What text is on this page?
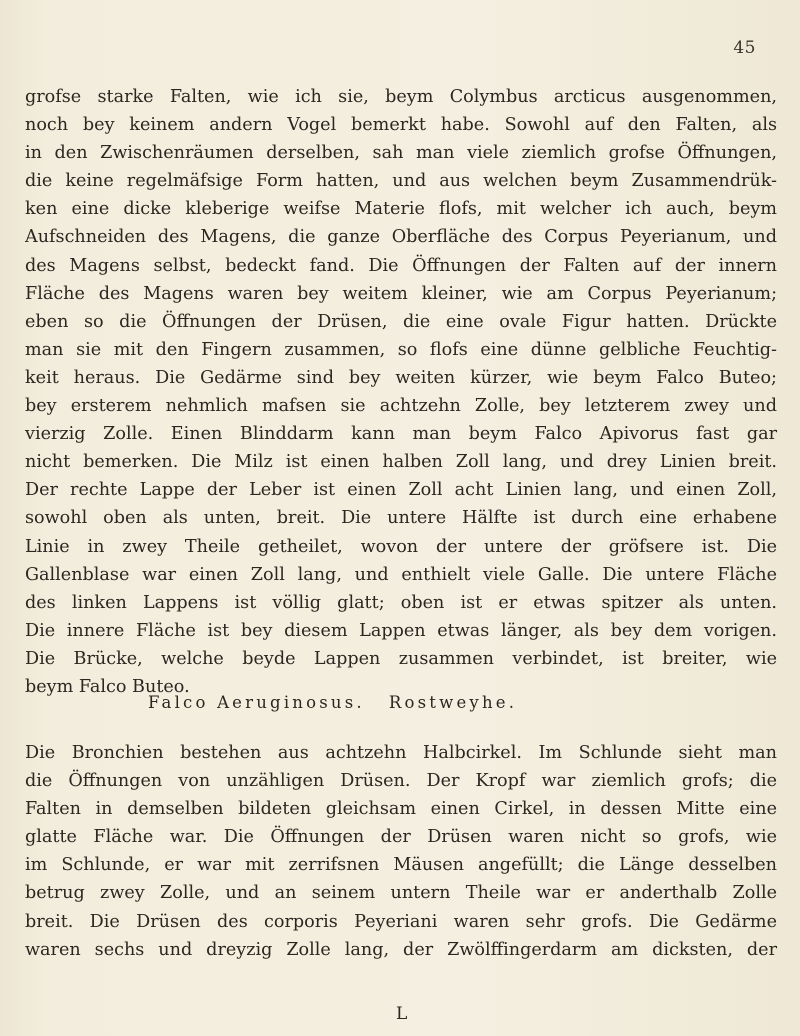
45
grofse starke Falten, wie ich sie, beym Colymbus arcticus ausgenommen,
noch bey keinem andern Vogel bemerkt habe. Sowohl auf den Falten, als
in den Zwischenräumen derselben, sah man viele ziemlich grofse Öffnungen,
die keine regelmäfsige Form hatten, und aus welchen beym Zusammendrük-
ken eine dicke kleberige weifse Materie flofs, mit welcher ich auch, beym
Aufschneiden des Magens, die ganze Oberfläche des Corpus Peyerianum, und
des Magens selbst, bedeckt fand. Die Öffnungen der Falten auf der innern
Fläche des Magens waren bey weitem kleiner, wie am Corpus Peyerianum;
eben so die Öffnungen der Drüsen, die eine ovale Figur hatten. Drückte
man sie mit den Fingern zusammen, so flofs eine dünne gelbliche Feuchtig-
keit heraus. Die Gedärme sind bey weiten kürzer, wie beym Falco Buteo;
bey ersterem nehmlich mafsen sie achtzehn Zolle, bey letzterem zwey und
vierzig Zolle. Einen Blinddarm kann man beym Falco Apivorus fast gar
nicht bemerken. Die Milz ist einen halben Zoll lang, und drey Linien breit.
Der rechte Lappe der Leber ist einen Zoll acht Linien lang, und einen Zoll,
sowohl oben als unten, breit. Die untere Hälfte ist durch eine erhabene
Linie in zwey Theile getheilet, wovon der untere der gröfsere ist. Die
Gallenblase war einen Zoll lang, und enthielt viele Galle. Die untere Fläche
des linken Lappens ist völlig glatt; oben ist er etwas spitzer als unten.
Die innere Fläche ist bey diesem Lappen etwas länger, als bey dem vorigen.
Die Brücke, welche beyde Lappen zusammen verbindet, ist breiter, wie
beym Falco Buteo.
Falco Aeruginosus. Rostweyhe.
Die Bronchien bestehen aus achtzehn Halbcirkel. Im Schlunde sieht man
die Öffnungen von unzähligen Drüsen. Der Kropf war ziemlich grofs; die
Falten in demselben bildeten gleichsam einen Cirkel, in dessen Mitte eine
glatte Fläche war. Die Öffnungen der Drüsen waren nicht so grofs, wie
im Schlunde, er war mit zerrifsnen Mäusen angefüllt; die Länge desselben
betrug zwey Zolle, und an seinem untern Theile war er anderthalb Zolle
breit. Die Drüsen des corporis Peyeriani waren sehr grofs. Die Gedärme
waren sechs und dreyzig Zolle lang, der Zwölffingerdarm am dicksten, der
L
